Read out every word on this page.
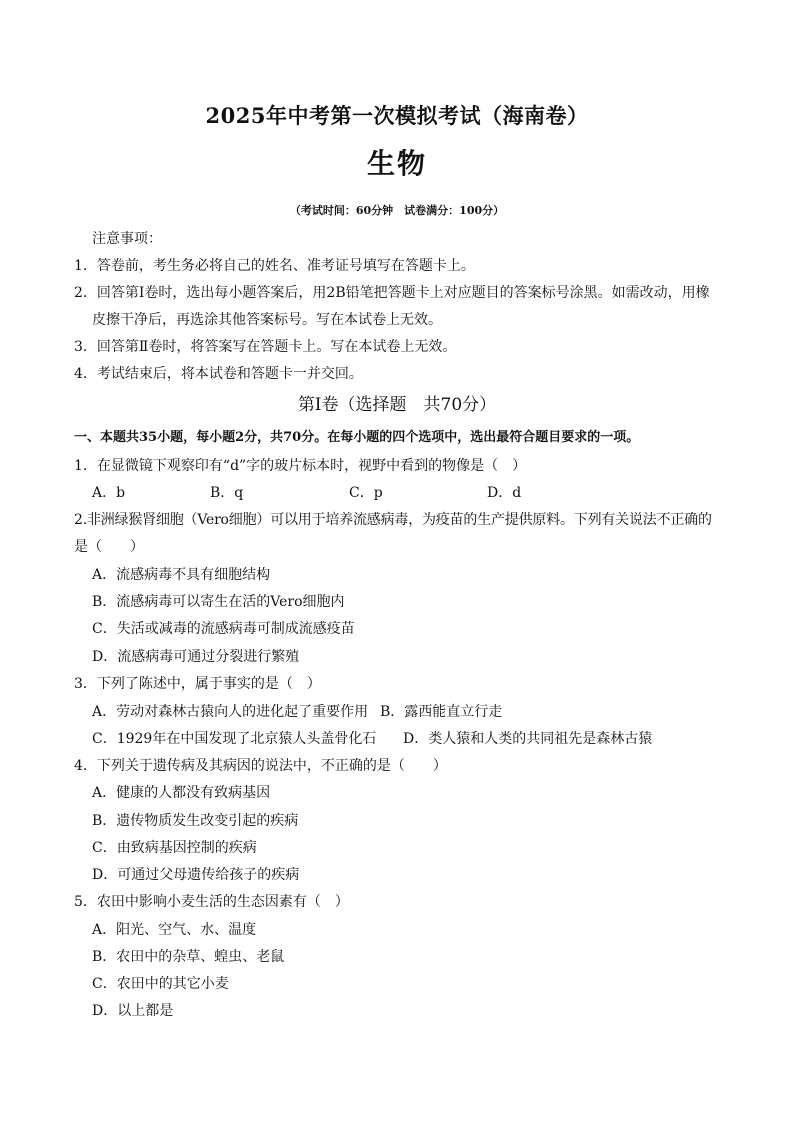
2025年中考第一次模拟考试（海南卷）
生物
（考试时间：60分钟　试卷满分：100分）
注意事项：
1．答卷前，考生务必将自己的姓名、准考证号填写在答题卡上。
2．回答第Ⅰ卷时，选出每小题答案后，用2B铅笔把答题卡上对应题目的答案标号涂黑。如需改动，用橡
皮擦干净后，再选涂其他答案标号。写在本试卷上无效。
3．回答第Ⅱ卷时，将答案写在答题卡上。写在本试卷上无效。
4．考试结束后，将本试卷和答题卡一并交回。
第Ⅰ卷（选择题　共70分）
一、本题共35小题，每小题2分，共70分。在每小题的四个选项中，选出最符合题目要求的一项。
1．在显微镜下观察印有“d”字的玻片标本时，视野中看到的物像是（　）
A．b	B．q	C．p	D．d
2.非洲绿猴肾细胞（Vero细胞）可以用于培养流感病毒，为疫苗的生产提供原料。下列有关说法不正确的
是（　　）
A．流感病毒不具有细胞结构
B．流感病毒可以寄生在活的Vero细胞内
C．失活或减毒的流感病毒可制成流感疫苗
D．流感病毒可通过分裂进行繁殖
3．下列了陈述中，属于事实的是（　）
A．劳动对森林古猿向人的进化起了重要作用 B．露西能直立行走
C．1929年在中国发现了北京猿人头盖骨化石 D．类人猿和人类的共同祖先是森林古猿
4．下列关于遗传病及其病因的说法中，不正确的是（　　）
A．健康的人都没有致病基因
B．遗传物质发生改变引起的疾病
C．由致病基因控制的疾病
D．可通过父母遗传给孩子的疾病
5．农田中影响小麦生活的生态因素有（　）
A．阳光、空气、水、温度
B．农田中的杂草、蝗虫、老鼠
C．农田中的其它小麦
D．以上都是
